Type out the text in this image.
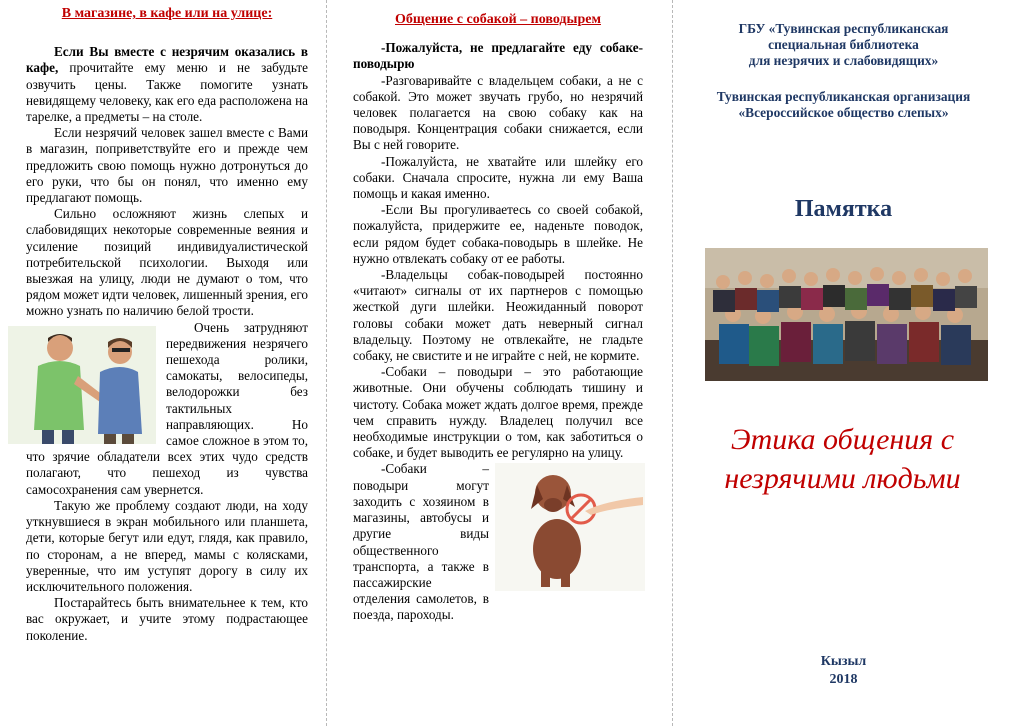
В магазине, в кафе или на улице:

Если Вы вместе с незрячим оказались в кафе, прочитайте ему меню и не забудьте озвучить цены. Также помогите узнать невидящему человеку, как его еда расположена на тарелке, а предметы – на столе.

Если незрячий человек зашел вместе с Вами в магазин, поприветствуйте его и прежде чем предложить свою помощь нужно дотронуться до его руки, что бы он понял, что именно ему предлагают помощь.

Сильно осложняют жизнь слепых и слабовидящих некоторые современные веяния и усиление позиций индивидуалистической потребительской психологии. Выходя или выезжая на улицу, люди не думают о том, что рядом может идти человек, лишенный зрения, его можно узнать по наличию белой трости.

Очень затрудняют передвижения незрячего пешехода ролики, самокаты, велосипеды, велодорожки без тактильных направляющих. Но самое сложное в этом то, что зрячие обладатели всех этих чудо средств полагают, что пешеход из чувства самосохранения сам увернется.

Такую же проблему создают люди, на ходу уткнувшиеся в экран мобильного или планшета, дети, которые бегут или едут, глядя, как правило, по сторонам, а не вперед, мамы с колясками, уверенные, что им уступят дорогу в силу их исключительного положения.

Постарайтесь быть внимательнее к тем, кто вас окружает, и учите этому подрастающее поколение.

Общение с собакой – поводырем

-Пожалуйста, не предлагайте еду собаке-поводырю

-Разговаривайте с владельцем собаки, а не с собакой. Это может звучать грубо, но незрячий человек полагается на свою собаку как на поводыря. Концентрация собаки снижается, если Вы с ней говорите.

-Пожалуйста, не хватайте или шлейку его собаки. Сначала спросите, нужна ли ему Ваша помощь и какая именно.

-Если Вы прогуливаетесь со своей собакой, пожалуйста, придержите ее, наденьте поводок, если рядом будет собака-поводырь в шлейке. Не нужно отвлекать собаку от ее работы.

-Владельцы собак-поводырей постоянно «читают» сигналы от их партнеров с помощью жесткой дуги шлейки. Неожиданный поворот головы собаки может дать неверный сигнал владельцу. Поэтому не отвлекайте, не гладьте собаку, не свистите и не играйте с ней, не кормите.

-Собаки – поводыри – это работающие животные. Они обучены соблюдать тишину и чистоту. Собака может ждать долгое время, прежде чем справить нужду. Владелец получил все необходимые инструкции о том, как заботиться о собаке, и будет выводить ее регулярно на улицу.

-Собаки – поводыри могут заходить с хозяином в магазины, автобусы и другие виды общественного транспорта, а также в пассажирские отделения самолетов, в поезда, пароходы.

ГБУ «Тувинская республиканская
специальная библиотека
для незрячих и слабовидящих»
Тувинская республиканская организация
«Всероссийское общество слепых»
Памятка
Кызыл
2018
Этика общения с
незрячими людьми
